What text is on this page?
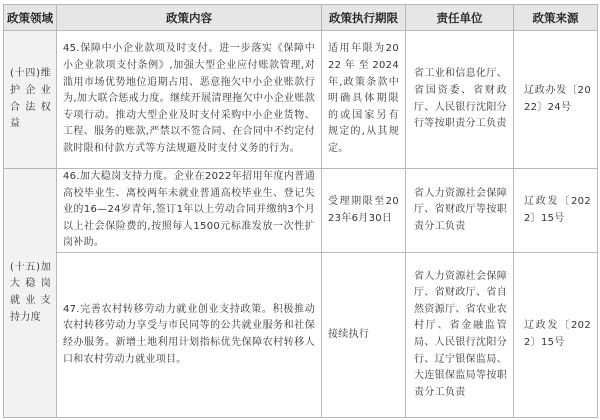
政策领域	政策内容	政策执行期限	责任单位	政策来源

(十四)维护企业合法权益	45.保障中小企业款项及时支付。进一步落实《保障中小企业款项支付条例》,加强大型企业应付账款管理,对滥用市场优势地位追期占用、恶意拖欠中小企业账款行为,加大联合惩戒力度。继续开展清理拖欠中小企业账款专项行动。推动大型企业及时支付采购中小企业货物、工程、服务的账款,严禁以不签合同、在合同中不约定付款时限和付款方式等方法规避及时支付义务的行为。	适用年限为2022年至2024年,政策条款中明确具体期限的或国家另有规定的,从其规定。	省工业和信息化厅、省国资委、省财政厅、人民银行沈阳分行等按职责分工负责	辽政办发〔2022〕24号

(十五)加大稳岗就业支持力度	46.加大稳岗支持力度。企业在2022年招用年度内普通高校毕业生、离校两年未就业普通高校毕业生、登记失业的16—24岁青年,签订1年以上劳动合同并缴纳3个月以上社会保险费的,按照每人1500元标准发放一次性扩岗补助。	受理期限至2023年6月30日	省人力资源社会保障厅、省财政厅等按职责分工负责	辽政发〔2022〕15号

	47.完善农村转移劳动力就业创业支持政策。积极推动农村转移劳动力享受与市民同等的公共就业服务和社保经办服务。新增土地利用计划指标优先保障农村转移人口和农村劳动力就业项目。	接续执行	省人力资源社会保障厅、省财政厅、省自然资源厅、省农业农村厅、省金融监管局、人民银行沈阳分行、辽宁银保监局、大连银保监局等按职责分工负责	辽政发〔2022〕15号
